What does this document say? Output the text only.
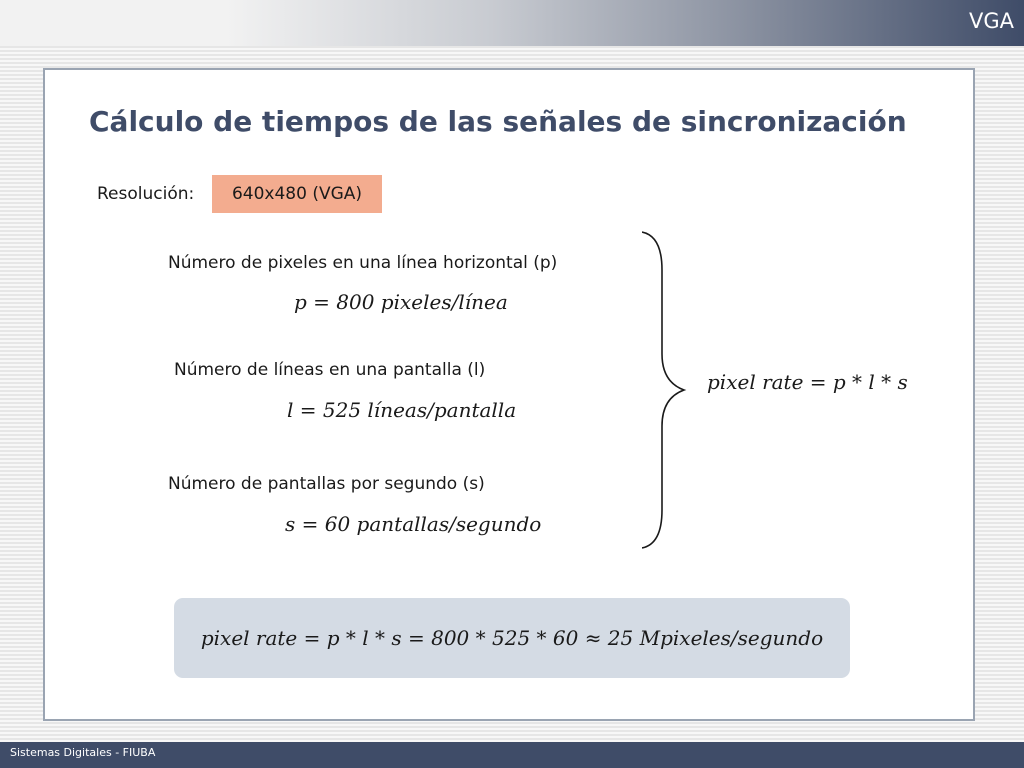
VGA
Cálculo de tiempos de las señales de sincronización
Resolución:	640x480 (VGA)
Número de pixeles en una línea horizontal (p)
p = 800 pixeles/línea
Número de líneas en una pantalla (l)
l = 525 líneas/pantalla
Número de pantallas por segundo (s)
s = 60 pantallas/segundo
pixel rate = p * l * s
pixel rate = p * l * s = 800 * 525 * 60 ≈ 25 Mpixeles/segundo
Sistemas Digitales - FIUBA
